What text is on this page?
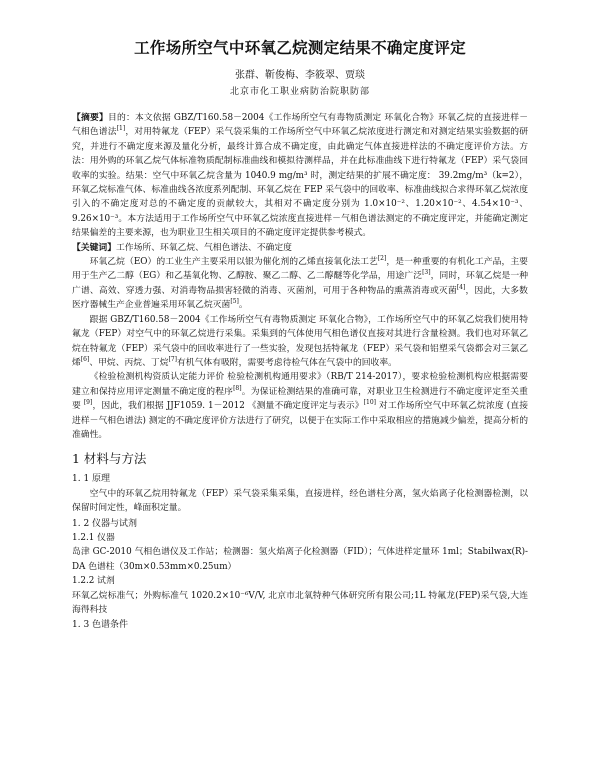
工作场所空气中环氧乙烷测定结果不确定度评定
张群、靳俊梅、李筱翠、贾琰
北京市化工职业病防治院职防部

【摘要】目的：本文依据 GBZ/T160.58－2004《工作场所空气有毒物质测定 环氧化合物》环氧乙烷的直接进样－气相色谱法[1]，对用特氟龙（FEP）采气袋采集的工作场所空气中环氧乙烷浓度进行测定和对测定结果实验数据的研究，并进行不确定度来源及量化分析，最终计算合成不确定度，由此确定气体直接进样法的不确定度评价方法。方法：用外购的环氧乙烷气体标准物质配制标准曲线和模拟待测样品，并在此标准曲线下进行特氟龙（FEP）采气袋回收率的实验。结果：空气中环氧乙烷含量为 1040.9 mg/m³ 时，测定结果的扩展不确定度： 39.2mg/m³（k=2），环氧乙烷标准气体、标准曲线各浓度系列配制、环氧乙烷在 FEP 采气袋中的回收率、标准曲线拟合求得环氧乙烷浓度引入的不确定度对总的不确定度的贡献较大，其相对不确定度分别为 1.0×10⁻²、1.20×10⁻²、4.54×10⁻³、9.26×10⁻³。本方法适用于工作场所空气中环氧乙烷浓度直接进样－气相色谱法测定的不确定度评定，并能确定测定结果偏差的主要来源，也为职业卫生相关项目的不确定度评定提供参考模式。

【关键词】工作场所、环氧乙烷、气相色谱法、不确定度

环氧乙烷（EO）的工业生产主要采用以银为催化剂的乙烯直接氧化法工艺[2]，是一种重要的有机化工产品，主要用于生产乙二醇（EG）和乙基氧化物、乙醇胺、聚乙二醇、乙二醇醚等化学品，用途广泛[3]，同时，环氧乙烷是一种广谱、高效、穿透力强、对消毒物品损害轻微的消毒、灭菌剂，可用于各种物品的熏蒸消毒或灭菌[4]，因此，大多数医疗器械生产企业普遍采用环氧乙烷灭菌[5]。

跟据 GBZ/T160.58－2004《工作场所空气有毒物质测定 环氧化合物》，工作场所空气中的环氧乙烷我们使用特氟龙（FEP）对空气中的环氧乙烷进行采集。采集到的气体使用气相色谱仪直接对其进行含量检测。我们也对环氧乙烷在特氟龙（FEP）采气袋中的回收率进行了一些实验，发现包括特氟龙（FEP）采气袋和铝塑采气袋都会对三氯乙烯[6]、甲烷、丙烷、丁烷[7]有机气体有吸附，需要考虑待检气体在气袋中的回收率。

《检验检测机构资质认定能力评价 检验检测机构通用要求》（RB/T 214-2017），要求检验检测机构应根据需要建立和保持应用评定测量不确定度的程序[8]。为保证检测结果的准确可靠，对职业卫生检测进行不确定度评定至关重要 [9]，因此，我们根据 JJF1059. 1－2012 《测量不确定度评定与表示》[10] 对工作场所空气中环氧乙烷浓度 (直接进样－气相色谱法) 测定的不确定度评价方法进行了研究，以便于在实际工作中采取相应的措施减少偏差，提高分析的准确性。

1 材料与方法
1. 1 原理

空气中的环氧乙烷用特氟龙（FEP）采气袋采集采集，直接进样，经色谱柱分离，氢火焰离子化检测器检测，以保留时间定性，峰面积定量。

1. 2 仪器与试剂
1.2.1 仪器

岛津 GC-2010 气相色谱仪及工作站；检测器：氢火焰离子化检测器（FID）；气体进样定量环 1ml；Stabilwax(R)-DA 色谱柱（30m×0.53mm×0.25um）

1.2.2 试剂

环氧乙烷标准气；外购标准气 1020.2×10⁻⁶V/V, 北京市北氧特种气体研究所有限公司;1L 特氟龙(FEP)采气袋,大连海得科技

1. 3 色谱条件
